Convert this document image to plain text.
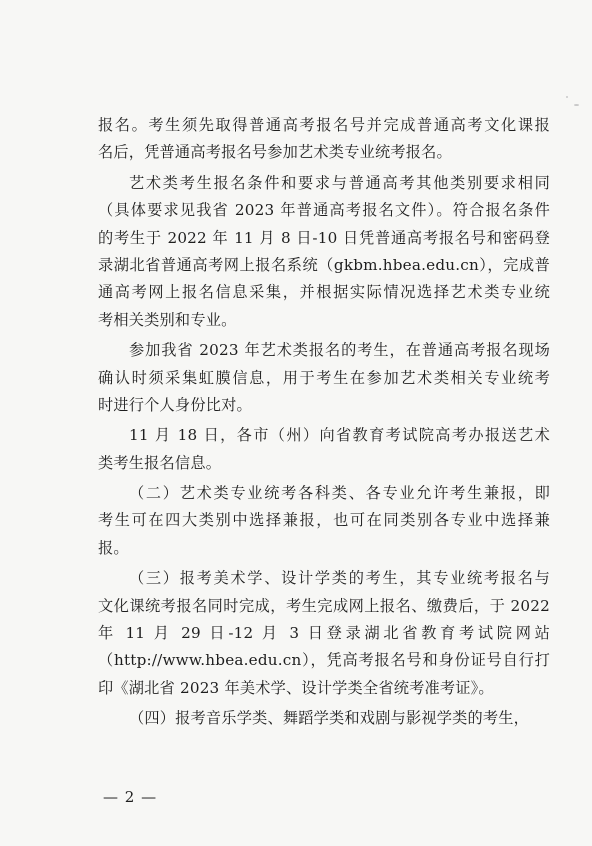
报名。考生须先取得普通高考报名号并完成普通高考文化课报
名后，凭普通高考报名号参加艺术类专业统考报名。
艺术类考生报名条件和要求与普通高考其他类别要求相同
（具体要求见我省 2023 年普通高考报名文件）。符合报名条件
的考生于 2022 年 11 月 8 日-10 日凭普通高考报名号和密码登
录湖北省普通高考网上报名系统（gkbm.hbea.edu.cn），完成普
通高考网上报名信息采集，并根据实际情况选择艺术类专业统
考相关类别和专业。
参加我省 2023 年艺术类报名的考生，在普通高考报名现场
确认时须采集虹膜信息，用于考生在参加艺术类相关专业统考
时进行个人身份比对。
11 月 18 日，各市（州）向省教育考试院高考办报送艺术
类考生报名信息。
（二）艺术类专业统考各科类、各专业允许考生兼报，即
考生可在四大类别中选择兼报，也可在同类别各专业中选择兼
报。
（三）报考美术学、设计学类的考生，其专业统考报名与
文化课统考报名同时完成，考生完成网上报名、缴费后，于 2022
年 11 月 29 日-12 月 3 日登录湖北省教育考试院网站
（http://www.hbea.edu.cn），凭高考报名号和身份证号自行打
印《湖北省 2023 年美术学、设计学类全省统考准考证》。
（四）报考音乐学类、舞蹈学类和戏剧与影视学类的考生，
— 2 —
